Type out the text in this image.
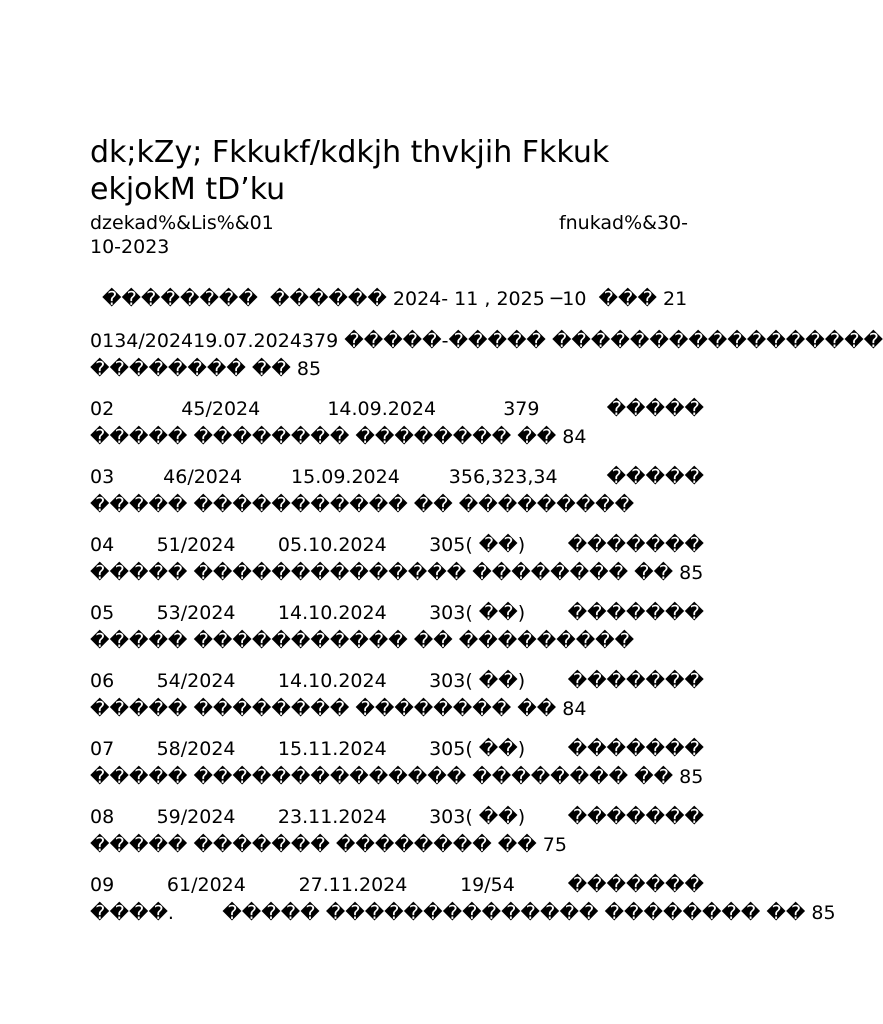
dk;kZy; Fkkukf/kdkjh thvkjih Fkkuk
ekjokM tD’ku
dzekad%&Lis%&01	fnukad%&30-
10-2023
��������  ������ 2024- 11 , 2025 ─10  ��� 21
01 34/2024 19.07.2024 379 �����- ����� �����������������
�������� �� 85
02	45/2024	14.09.2024	379	�����
����� �������� �������� �� 84
03	46/2024	15.09.2024	356,323,34	�����
����� ����������� �� ���������
04 51/2024 05.10.2024 305( ��) �������
����� �������������� �������� �� 85
05 53/2024 14.10.2024 303( ��) �������
����� ����������� �� ���������
06 54/2024 14.10.2024 303( ��) �������
����� �������� �������� �� 84
07 58/2024 15.11.2024 305( ��) �������
����� �������������� �������� �� 85
08 59/2024 23.11.2024 303( ��) �������
����� ������� �������� �� 75
09	61/2024	27.11.2024	19/54	�������
����.        ����� �������������� �������� �� 85
